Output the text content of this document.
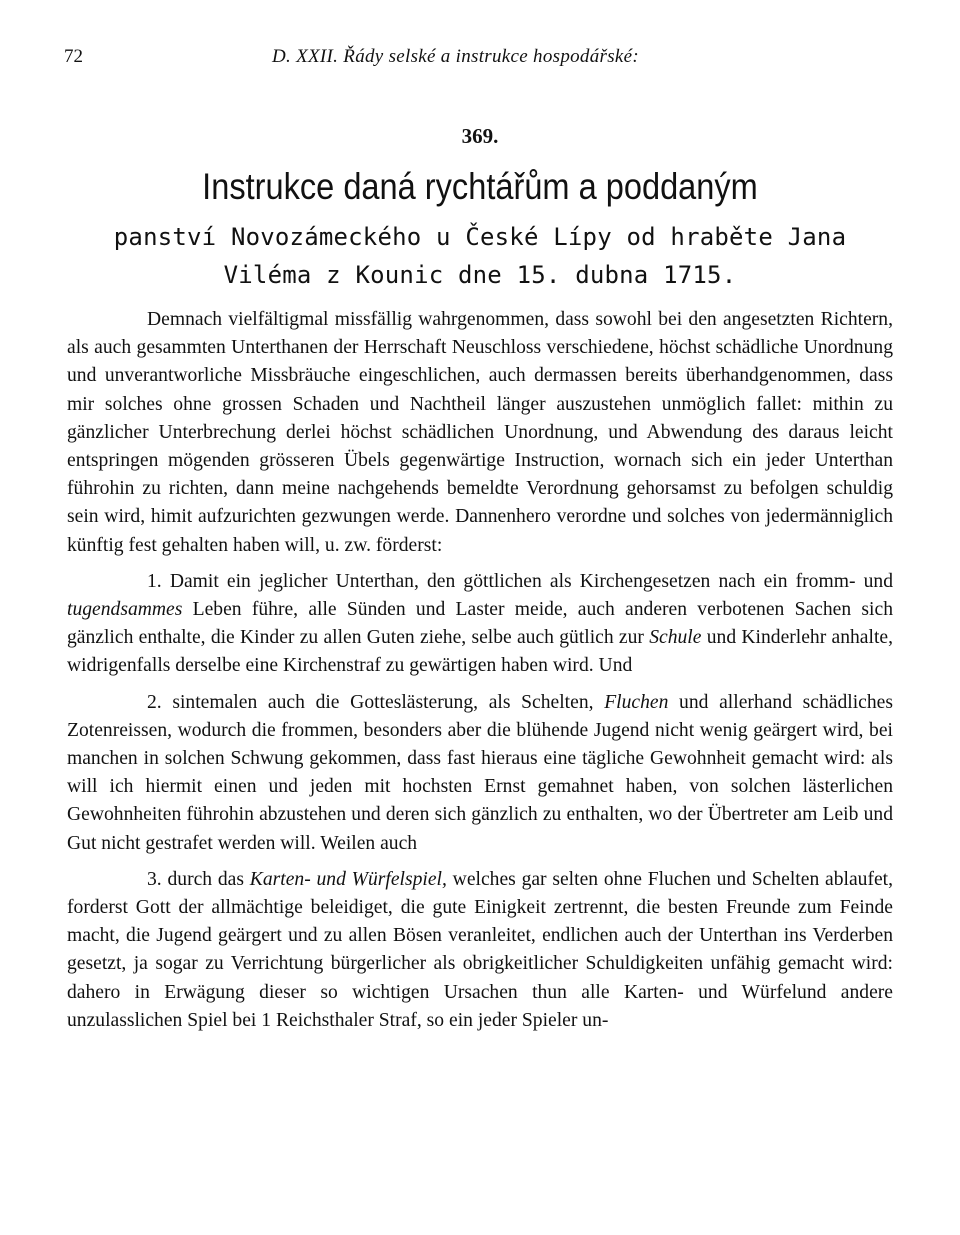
72	D. XXII. Řády selské a instrukce hospodářské:
369.
Instrukce daná rychtářům a poddaným
panství Novozámeckého u České Lípy od hraběte Jana
Viléma z Kounic dne 15. dubna 1715.

Demnach vielfältigmal missfällig wahrgenommen, dass sowohl bei den angesetzten Richtern, als auch gesammten Unterthanen der Herrschaft Neuschloss verschiedene, höchst schädliche Unordnung und unverantworliche Missbräuche eingeschlichen, auch dermassen bereits überhandgenommen, dass mir solches ohne grossen Schaden und Nachtheil länger auszustehen unmöglich fallet: mithin zu gänzlicher Unterbrechung derlei höchst schädlichen Unordnung, und Abwendung des daraus leicht entspringen mögenden grösseren Übels gegenwärtige Instruction, wornach sich ein jeder Unterthan führohin zu richten, dann meine nachgehends bemeldte Verordnung gehorsamst zu befolgen schuldig sein wird, himit aufzurichten gezwungen werde. Dannenhero verordne und solches von jedermänniglich künftig fest gehalten haben will, u. zw. förderst:

1. Damit ein jeglicher Unterthan, den göttlichen als Kirchengesetzen nach ein fromm- und tugendsammes Leben führe, alle Sünden und Laster meide, auch anderen verbotenen Sachen sich gänzlich enthalte, die Kinder zu allen Guten ziehe, selbe auch gütlich zur Schule und Kinderlehr anhalte, widrigenfalls derselbe eine Kirchenstraf zu gewärtigen haben wird. Und

2. sintemalen auch die Gotteslästerung, als Schelten, Fluchen und allerhand schädliches Zotenreissen, wodurch die frommen, besonders aber die blühende Jugend nicht wenig geärgert wird, bei manchen in solchen Schwung gekommen, dass fast hieraus eine tägliche Gewohnheit gemacht wird: als will ich hiermit einen und jeden mit hochsten Ernst gemahnet haben, von solchen lästerlichen Gewohnheiten führohin abzustehen und deren sich gänzlich zu enthalten, wo der Übertreter am Leib und Gut nicht gestrafet werden will. Weilen auch

3. durch das Karten- und Würfelspiel, welches gar selten ohne Fluchen und Schelten ablaufet, forderst Gott der allmächtige beleidiget, die gute Einigkeit zertrennt, die besten Freunde zum Feinde macht, die Jugend geärgert und zu allen Bösen veranleitet, endlichen auch der Unterthan ins Verderben gesetzt, ja sogar zu Verrichtung bürgerlicher als obrigkeitlicher Schuldigkeiten unfähig gemacht wird: dahero in Erwägung dieser so wichtigen Ursachen thun alle Karten- und Würfelund andere unzulasslichen Spiel bei 1 Reichsthaler Straf, so ein jeder Spieler un-
